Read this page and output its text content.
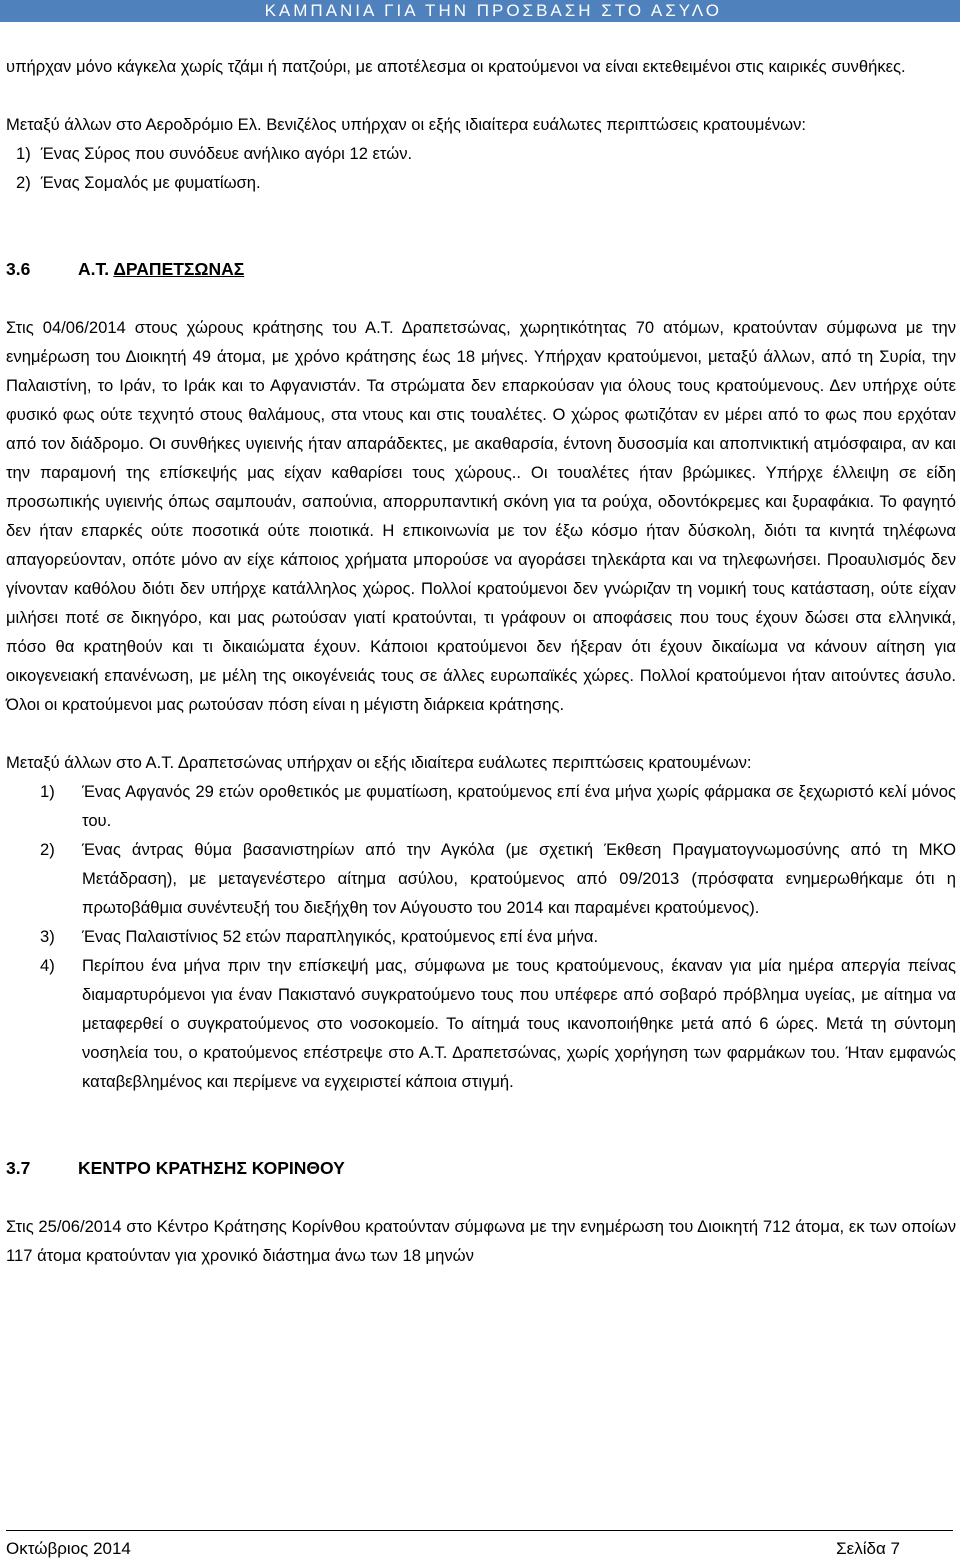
ΚΑΜΠΑΝΙΑ ΓΙΑ ΤΗΝ ΠΡΟΣΒΑΣΗ ΣΤΟ ΑΣΥΛΟ

υπήρχαν μόνο κάγκελα χωρίς τζάμι ή πατζούρι, με αποτέλεσμα οι κρατούμενοι να είναι εκτεθειμένοι στις καιρικές συνθήκες.

Μεταξύ άλλων στο Αεροδρόμιο Ελ. Βενιζέλος υπήρχαν οι εξής ιδιαίτερα ευάλωτες περιπτώσεις κρατουμένων:

1) Ένας Σύρος που συνόδευε ανήλικο αγόρι 12 ετών.
2) Ένας Σομαλός με φυματίωση.

3.6	Α.Τ. ΔΡΑΠΕΤΣΩΝΑΣ

Στις 04/06/2014 στους χώρους κράτησης του Α.Τ. Δραπετσώνας, χωρητικότητας 70 ατόμων, κρατούνταν σύμφωνα με την ενημέρωση του Διοικητή 49 άτομα, με χρόνο κράτησης έως 18 μήνες. Υπήρχαν κρατούμενοι, μεταξύ άλλων, από τη Συρία, την Παλαιστίνη, το Ιράν, το Ιράκ και το Αφγανιστάν. Τα στρώματα δεν επαρκούσαν για όλους τους κρατούμενους. Δεν υπήρχε ούτε φυσικό φως ούτε τεχνητό στους θαλάμους, στα ντους και στις τουαλέτες. Ο χώρος φωτιζόταν εν μέρει από το φως που ερχόταν από τον διάδρομο. Οι συνθήκες υγιεινής ήταν απαράδεκτες, με ακαθαρσία, έντονη δυσοσμία και αποπνικτική ατμόσφαιρα, αν και την παραμονή της επίσκεψής μας είχαν καθαρίσει τους χώρους.. Οι τουαλέτες ήταν βρώμικες. Υπήρχε έλλειψη σε είδη προσωπικής υγιεινής όπως σαμπουάν, σαπούνια, απορρυπαντική σκόνη για τα ρούχα, οδοντόκρεμες και ξυραφάκια. Το φαγητό δεν ήταν επαρκές ούτε ποσοτικά ούτε ποιοτικά. Η επικοινωνία με τον έξω κόσμο ήταν δύσκολη, διότι τα κινητά τηλέφωνα απαγορεύονταν, οπότε μόνο αν είχε κάποιος χρήματα μπορούσε να αγοράσει τηλεκάρτα και να τηλεφωνήσει. Προαυλισμός δεν γίνονταν καθόλου διότι δεν υπήρχε κατάλληλος χώρος. Πολλοί κρατούμενοι δεν γνώριζαν τη νομική τους κατάσταση, ούτε είχαν μιλήσει ποτέ σε δικηγόρο, και μας ρωτούσαν γιατί κρατούνται, τι γράφουν οι αποφάσεις που τους έχουν δώσει στα ελληνικά, πόσο θα κρατηθούν και τι δικαιώματα έχουν. Κάποιοι κρατούμενοι δεν ήξεραν ότι έχουν δικαίωμα να κάνουν αίτηση για οικογενειακή επανένωση, με μέλη της οικογένειάς τους σε άλλες ευρωπαϊκές χώρες. Πολλοί κρατούμενοι ήταν αιτούντες άσυλο. Όλοι οι κρατούμενοι μας ρωτούσαν πόση είναι η μέγιστη διάρκεια κράτησης.

Μεταξύ άλλων στο Α.Τ. Δραπετσώνας υπήρχαν οι εξής ιδιαίτερα ευάλωτες περιπτώσεις κρατουμένων:

1) Ένας Αφγανός 29 ετών οροθετικός με φυματίωση, κρατούμενος επί ένα μήνα χωρίς φάρμακα σε ξεχωριστό κελί μόνος του.
2) Ένας άντρας θύμα βασανιστηρίων από την Αγκόλα (με σχετική Έκθεση Πραγματογνωμοσύνης από τη ΜΚΟ Μετάδραση), με μεταγενέστερο αίτημα ασύλου, κρατούμενος από 09/2013 (πρόσφατα ενημερωθήκαμε ότι η πρωτοβάθμια συνέντευξή του διεξήχθη τον Αύγουστο του 2014 και παραμένει κρατούμενος).
3) Ένας Παλαιστίνιος 52 ετών παραπληγικός, κρατούμενος επί ένα μήνα.
4) Περίπου ένα μήνα πριν την επίσκεψή μας, σύμφωνα με τους κρατούμενους, έκαναν για μία ημέρα απεργία πείνας διαμαρτυρόμενοι για έναν Πακιστανό συγκρατούμενο τους που υπέφερε από σοβαρό πρόβλημα υγείας, με αίτημα να μεταφερθεί ο συγκρατούμενος στο νοσοκομείο. Το αίτημά τους ικανοποιήθηκε μετά από 6 ώρες. Μετά τη σύντομη νοσηλεία του, ο κρατούμενος επέστρεψε στο Α.Τ. Δραπετσώνας, χωρίς χορήγηση των φαρμάκων του. Ήταν εμφανώς καταβεβλημένος και περίμενε να εγχειριστεί κάποια στιγμή.

3.7	ΚΕΝΤΡΟ ΚΡΑΤΗΣΗΣ ΚΟΡΙΝΘΟΥ

Στις 25/06/2014 στο Κέντρο Κράτησης Κορίνθου κρατούνταν σύμφωνα με την ενημέρωση του Διοικητή 712 άτομα, εκ των οποίων 117 άτομα κρατούνταν για χρονικό διάστημα άνω των 18 μηνών

Οκτώβριος 2014	Σελίδα 7
